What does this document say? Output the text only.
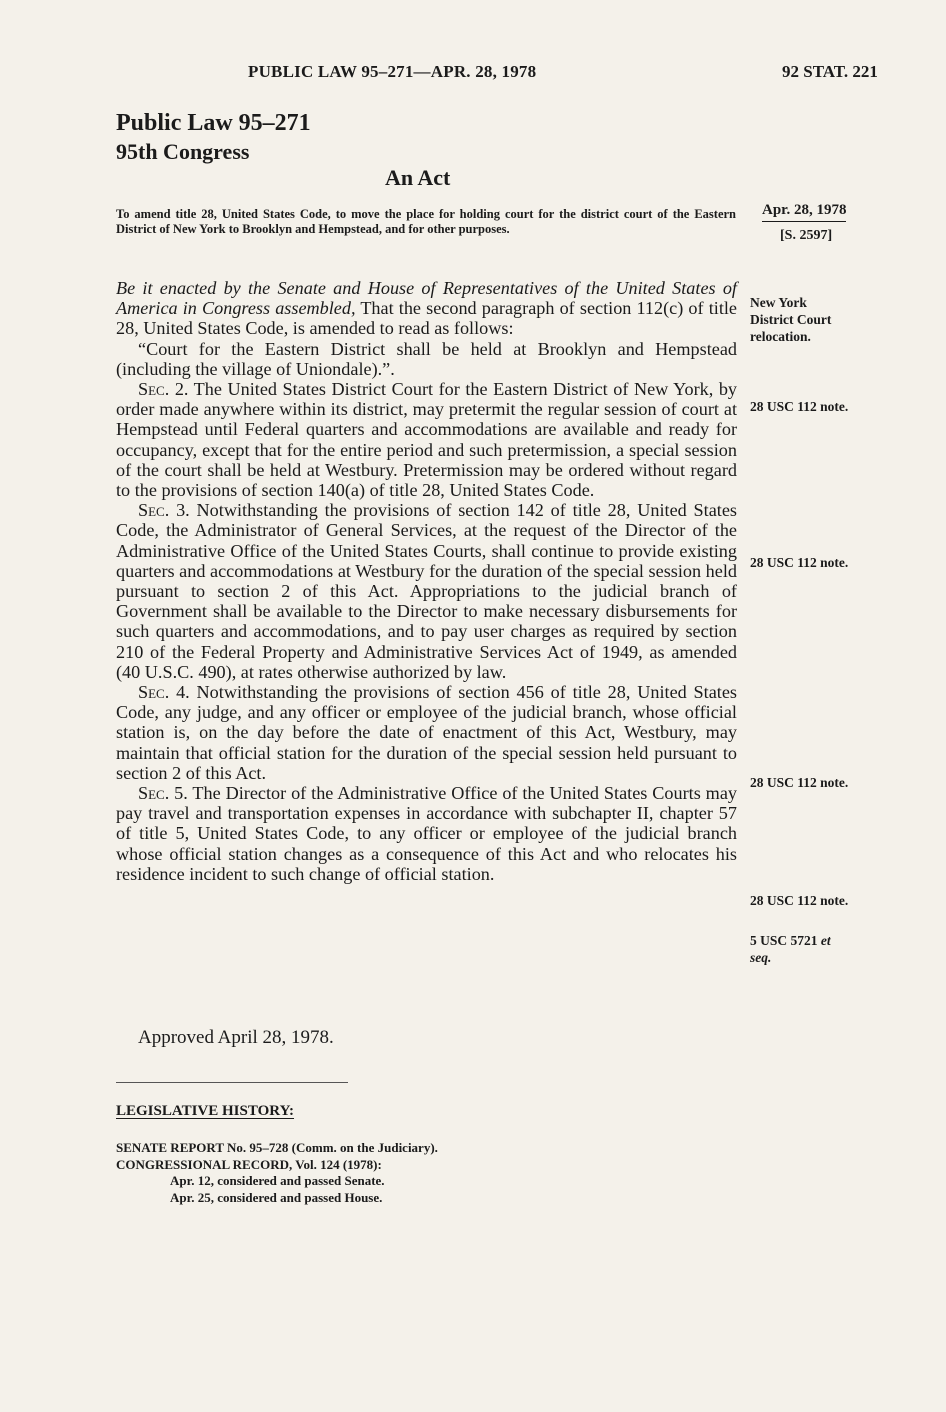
PUBLIC LAW 95–271—APR. 28, 1978	92 STAT. 221
Public Law 95–271
95th Congress
An Act
To amend title 28, United States Code, to move the place for holding court for the district court of the Eastern District of New York to Brooklyn and Hempstead, and for other purposes.
Apr. 28, 1978
[S. 2597]
New York
District Court
relocation.
28 USC 112 note.
28 USC 112 note.
28 USC 112 note.
28 USC 112 note.
5 USC 5721 et
seq.

Be it enacted by the Senate and House of Representatives of the United States of America in Congress assembled, That the second paragraph of section 112(c) of title 28, United States Code, is amended to read as follows:

“Court for the Eastern District shall be held at Brooklyn and Hempstead (including the village of Uniondale).”.

Sec. 2. The United States District Court for the Eastern District of New York, by order made anywhere within its district, may pretermit the regular session of court at Hempstead until Federal quarters and accommodations are available and ready for occupancy, except that for the entire period and such pretermission, a special session of the court shall be held at Westbury. Pretermission may be ordered without regard to the provisions of section 140(a) of title 28, United States Code.

Sec. 3. Notwithstanding the provisions of section 142 of title 28, United States Code, the Administrator of General Services, at the request of the Director of the Administrative Office of the United States Courts, shall continue to provide existing quarters and accommodations at Westbury for the duration of the special session held pursuant to section 2 of this Act. Appropriations to the judicial branch of Government shall be available to the Director to make necessary disbursements for such quarters and accommodations, and to pay user charges as required by section 210 of the Federal Property and Administrative Services Act of 1949, as amended (40 U.S.C. 490), at rates otherwise authorized by law.

Sec. 4. Notwithstanding the provisions of section 456 of title 28, United States Code, any judge, and any officer or employee of the judicial branch, whose official station is, on the day before the date of enactment of this Act, Westbury, may maintain that official station for the duration of the special session held pursuant to section 2 of this Act.

Sec. 5. The Director of the Administrative Office of the United States Courts may pay travel and transportation expenses in accordance with subchapter II, chapter 57 of title 5, United States Code, to any officer or employee of the judicial branch whose official station changes as a consequence of this Act and who relocates his residence incident to such change of official station.

Approved April 28, 1978.
LEGISLATIVE HISTORY:
SENATE REPORT No. 95–728 (Comm. on the Judiciary).
CONGRESSIONAL RECORD, Vol. 124 (1978):
Apr. 12, considered and passed Senate.
Apr. 25, considered and passed House.
